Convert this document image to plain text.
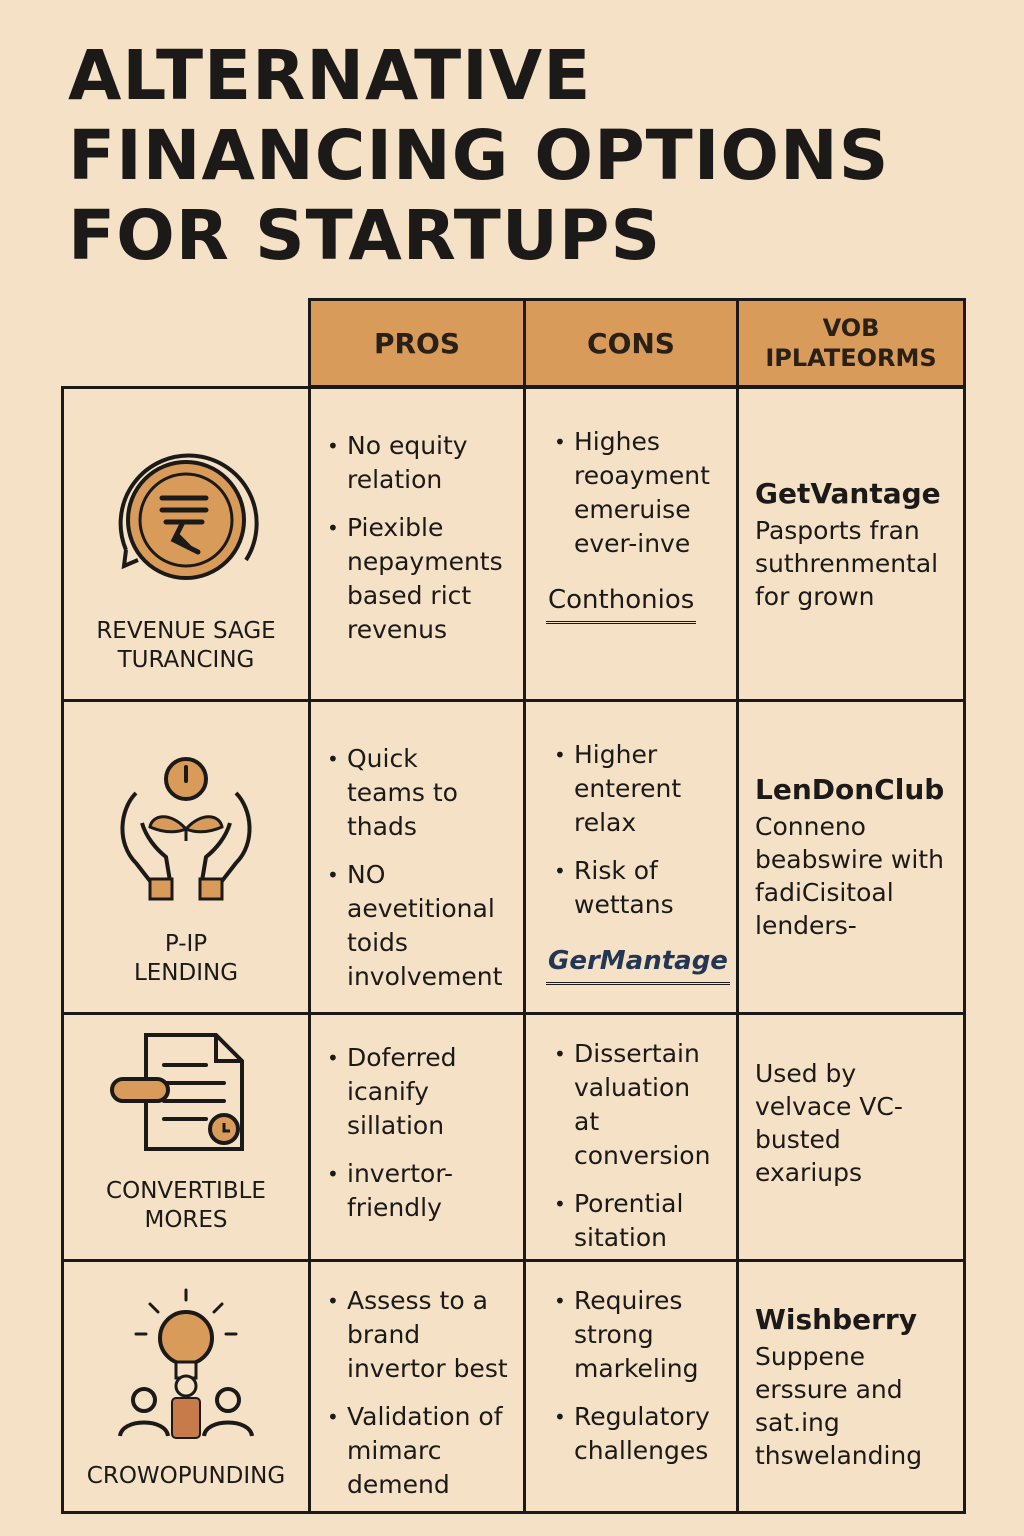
ALTERNATIVE
FINANCING OPTIONS
FOR STARTUPS
PROS	CONS	VOB
IPLATEORMS
REVENUE SAGE
TURANCING
• No equity
relation
• Piexible
nepayments
based rict
revenus
• Highes
reoayment
emeruise
ever-inve
Conthonios
GetVantage
Pasports fran
suthrenmental
for grown
P-IP
LENDING
• Quick
teams to
thads
• NO
aevetitional
toids
involvement
• Higher
enterent
relax
• Risk of
wettans
GerMantage
LenDonClub
Conneno
beabswire with
fadiCisitoal
lenders-
CONVERTIBLE
MORES
• Doferred
icanify
sillation
• invertor-
friendly
• Dissertain
valuation
at
conversion
• Porential
sitation
Used by
velvace VC-
busted
exariups
CROWOPUNDING
• Assess to a
brand
invertor best
• Validation of
mimarc
demend
• Requires
strong
markeling
• Regulatory
challenges
Wishberry
Suppene
erssure and
sat.ing
thswelanding
